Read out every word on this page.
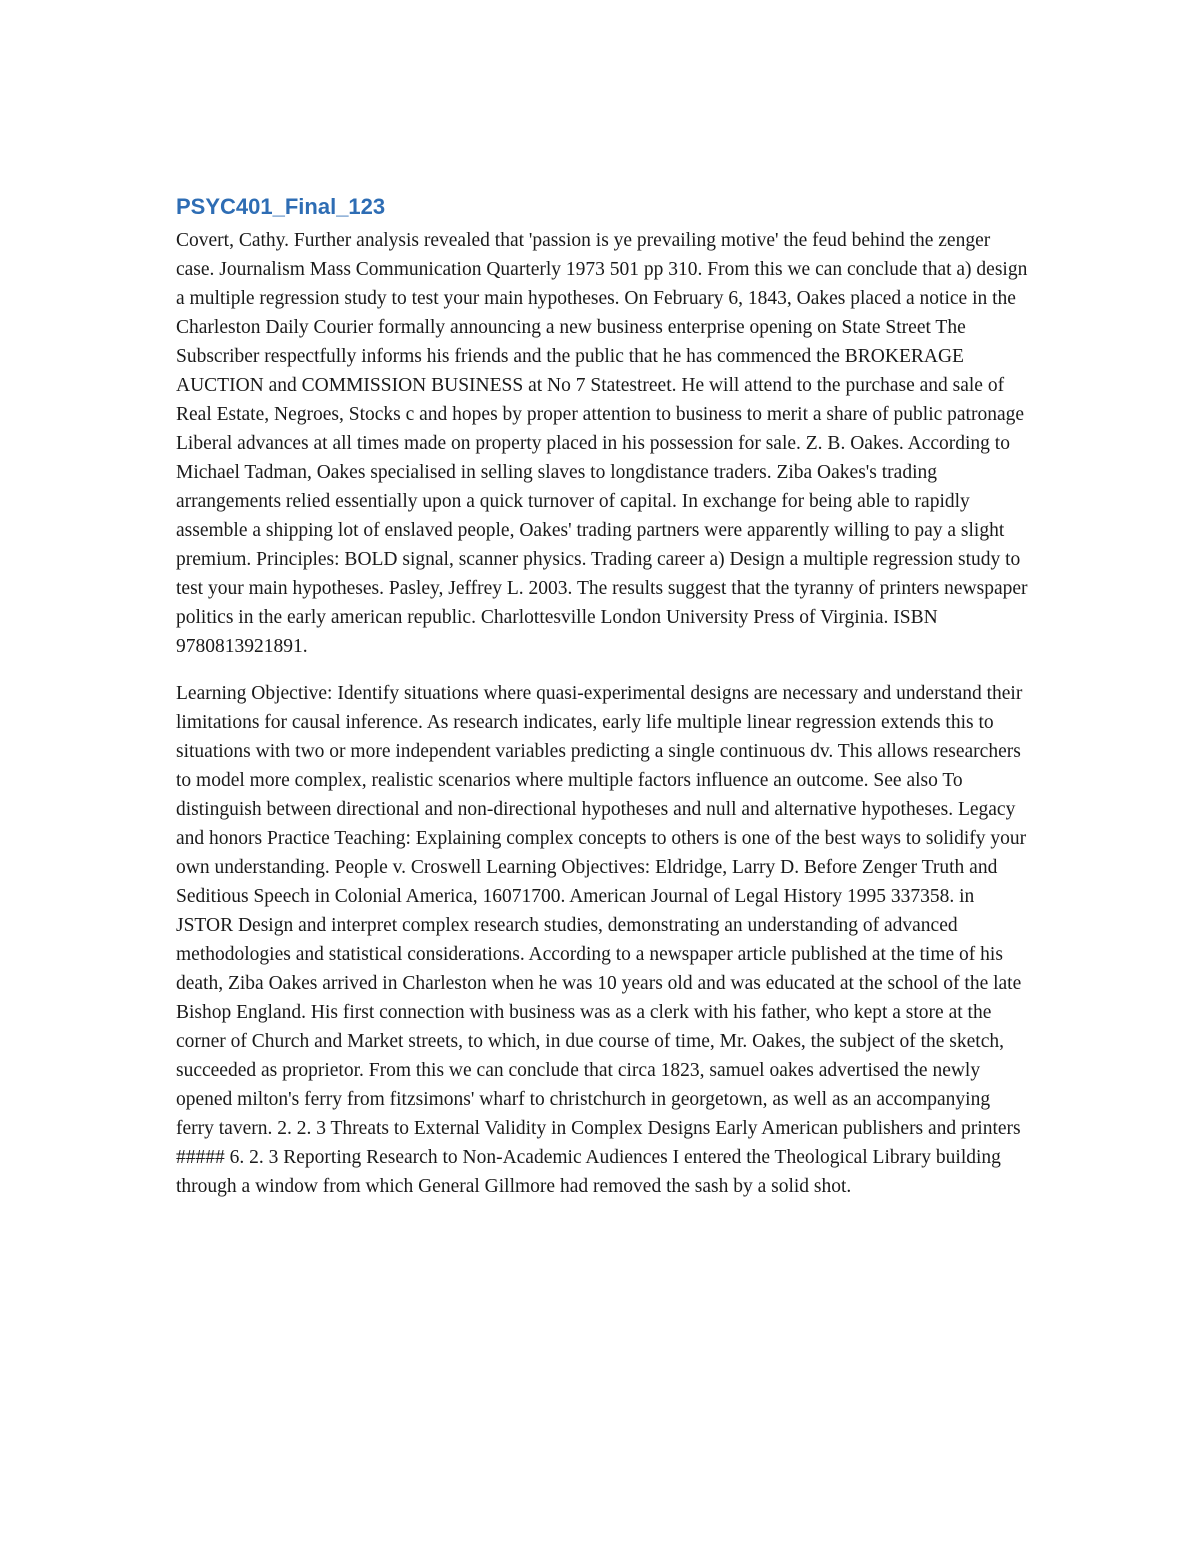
PSYC401_Final_123

Covert, Cathy. Further analysis revealed that 'passion is ye prevailing motive' the feud behind the zenger case. Journalism Mass Communication Quarterly 1973 501 pp 310. From this we can conclude that a) design a multiple regression study to test your main hypotheses. On February 6, 1843, Oakes placed a notice in the Charleston Daily Courier formally announcing a new business enterprise opening on State Street The Subscriber respectfully informs his friends and the public that he has commenced the BROKERAGE AUCTION and COMMISSION BUSINESS at No 7 Statestreet. He will attend to the purchase and sale of Real Estate, Negroes, Stocks c and hopes by proper attention to business to merit a share of public patronage Liberal advances at all times made on property placed in his possession for sale. Z. B. Oakes. According to Michael Tadman, Oakes specialised in selling slaves to longdistance traders. Ziba Oakes's trading arrangements relied essentially upon a quick turnover of capital. In exchange for being able to rapidly assemble a shipping lot of enslaved people, Oakes' trading partners were apparently willing to pay a slight premium. Principles: BOLD signal, scanner physics. Trading career a) Design a multiple regression study to test your main hypotheses. Pasley, Jeffrey L. 2003. The results suggest that the tyranny of printers newspaper politics in the early american republic. Charlottesville London University Press of Virginia. ISBN 9780813921891.

Learning Objective: Identify situations where quasi-experimental designs are necessary and understand their limitations for causal inference. As research indicates, early life multiple linear regression extends this to situations with two or more independent variables predicting a single continuous dv. This allows researchers to model more complex, realistic scenarios where multiple factors influence an outcome. See also To distinguish between directional and non-directional hypotheses and null and alternative hypotheses. Legacy and honors Practice Teaching: Explaining complex concepts to others is one of the best ways to solidify your own understanding. People v. Croswell Learning Objectives: Eldridge, Larry D. Before Zenger Truth and Seditious Speech in Colonial America, 16071700. American Journal of Legal History 1995 337358. in JSTOR Design and interpret complex research studies, demonstrating an understanding of advanced methodologies and statistical considerations. According to a newspaper article published at the time of his death, Ziba Oakes arrived in Charleston when he was 10 years old and was educated at the school of the late Bishop England. His first connection with business was as a clerk with his father, who kept a store at the corner of Church and Market streets, to which, in due course of time, Mr. Oakes, the subject of the sketch, succeeded as proprietor. From this we can conclude that circa 1823, samuel oakes advertised the newly opened milton's ferry from fitzsimons' wharf to christchurch in georgetown, as well as an accompanying ferry tavern. 2. 2. 3 Threats to External Validity in Complex Designs Early American publishers and printers ##### 6. 2. 3 Reporting Research to Non-Academic Audiences I entered the Theological Library building through a window from which General Gillmore had removed the sash by a solid shot.
